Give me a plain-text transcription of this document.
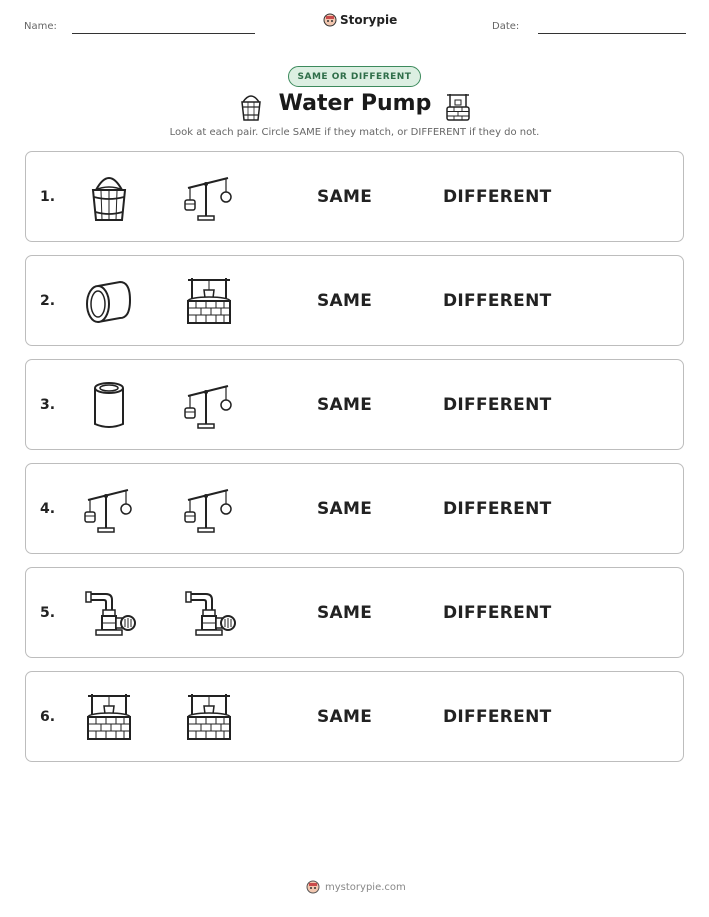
Name:	Storypie	Date:
SAME OR DIFFERENT
Water Pump
Look at each pair. Circle SAME if they match, or DIFFERENT if they do not.
1.	SAME	DIFFERENT
2.	SAME	DIFFERENT
3.	SAME	DIFFERENT
4.	SAME	DIFFERENT
5.	SAME	DIFFERENT
6.	SAME	DIFFERENT
mystorypie.com
